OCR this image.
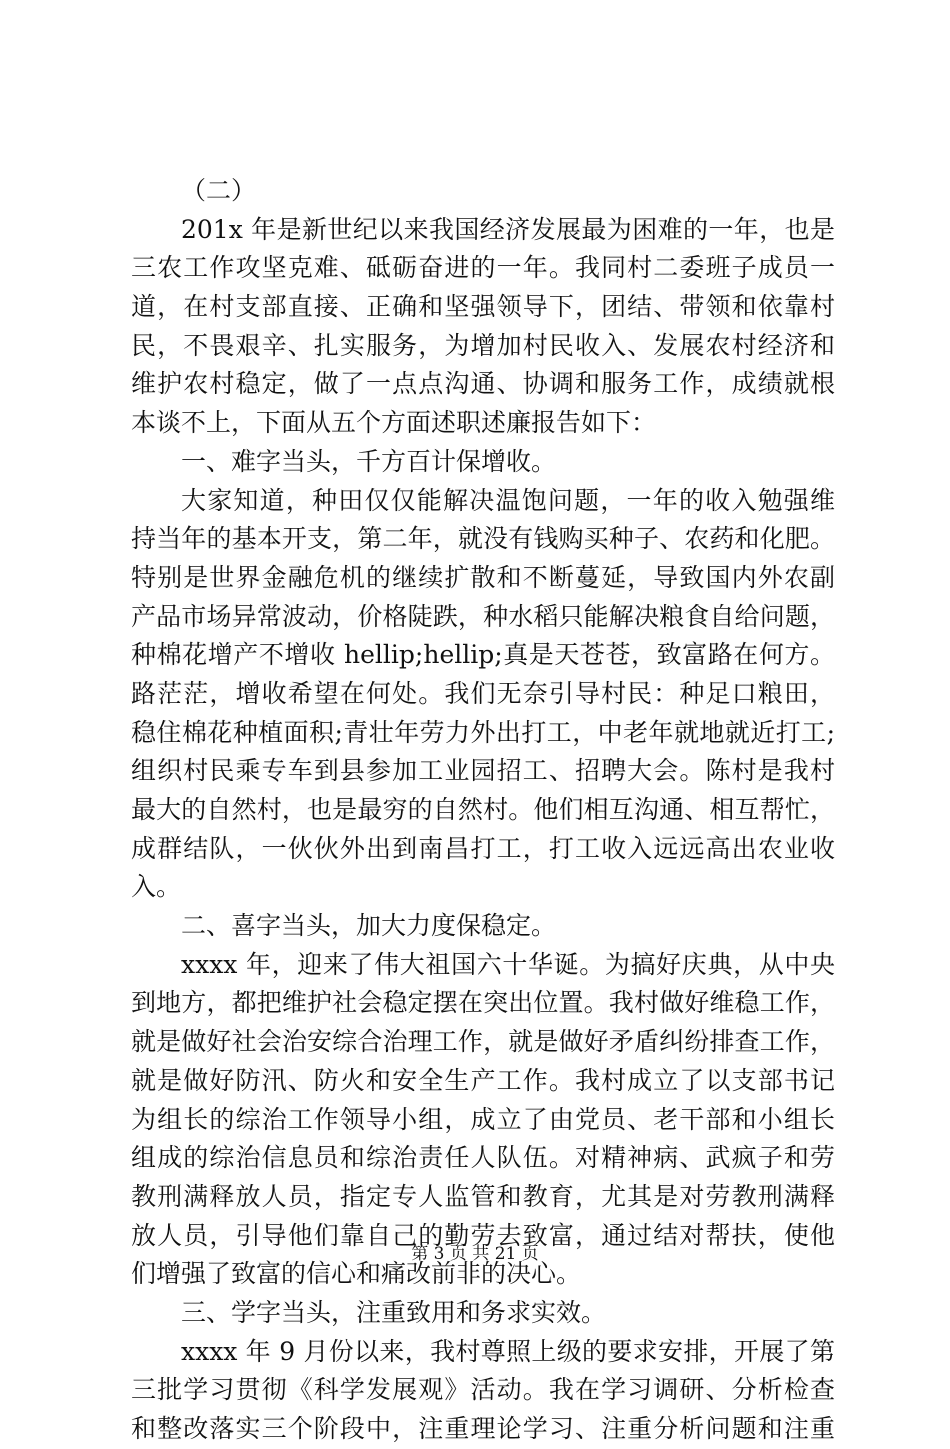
（二）
201x 年是新世纪以来我国经济发展最为困难的一年，也是
三农工作攻坚克难、砥砺奋进的一年。我同村二委班子成员一
道，在村支部直接、正确和坚强领导下，团结、带领和依靠村
民，不畏艰辛、扎实服务，为增加村民收入、发展农村经济和
维护农村稳定，做了一点点沟通、协调和服务工作，成绩就根
本谈不上，下面从五个方面述职述廉报告如下：
一、难字当头，千方百计保增收。
大家知道，种田仅仅能解决温饱问题，一年的收入勉强维
持当年的基本开支，第二年，就没有钱购买种子、农药和化肥。
特别是世界金融危机的继续扩散和不断蔓延，导致国内外农副
产品市场异常波动，价格陡跌，种水稻只能解决粮食自给问题，
种棉花增产不增收 hellip;hellip;真是天苍苍，致富路在何方。
路茫茫，增收希望在何处。我们无奈引导村民：种足口粮田，
稳住棉花种植面积;青壮年劳力外出打工，中老年就地就近打工;
组织村民乘专车到县参加工业园招工、招聘大会。陈村是我村
最大的自然村，也是最穷的自然村。他们相互沟通、相互帮忙，
成群结队，一伙伙外出到南昌打工，打工收入远远高出农业收
入。
二、喜字当头，加大力度保稳定。
xxxx 年，迎来了伟大祖国六十华诞。为搞好庆典，从中央
到地方，都把维护社会稳定摆在突出位置。我村做好维稳工作，
就是做好社会治安综合治理工作，就是做好矛盾纠纷排查工作，
就是做好防汛、防火和安全生产工作。我村成立了以支部书记
为组长的综治工作领导小组，成立了由党员、老干部和小组长
组成的综治信息员和综治责任人队伍。对精神病、武疯子和劳
教刑满释放人员，指定专人监管和教育，尤其是对劳教刑满释
放人员，引导他们靠自己的勤劳去致富，通过结对帮扶，使他
们增强了致富的信心和痛改前非的决心。
三、学字当头，注重致用和务求实效。
xxxx 年 9 月份以来，我村尊照上级的要求安排，开展了第
三批学习贯彻《科学发展观》活动。我在学习调研、分析检查
和整改落实三个阶段中，注重理论学习、注重分析问题和注重
第 3 页 共 21 页
